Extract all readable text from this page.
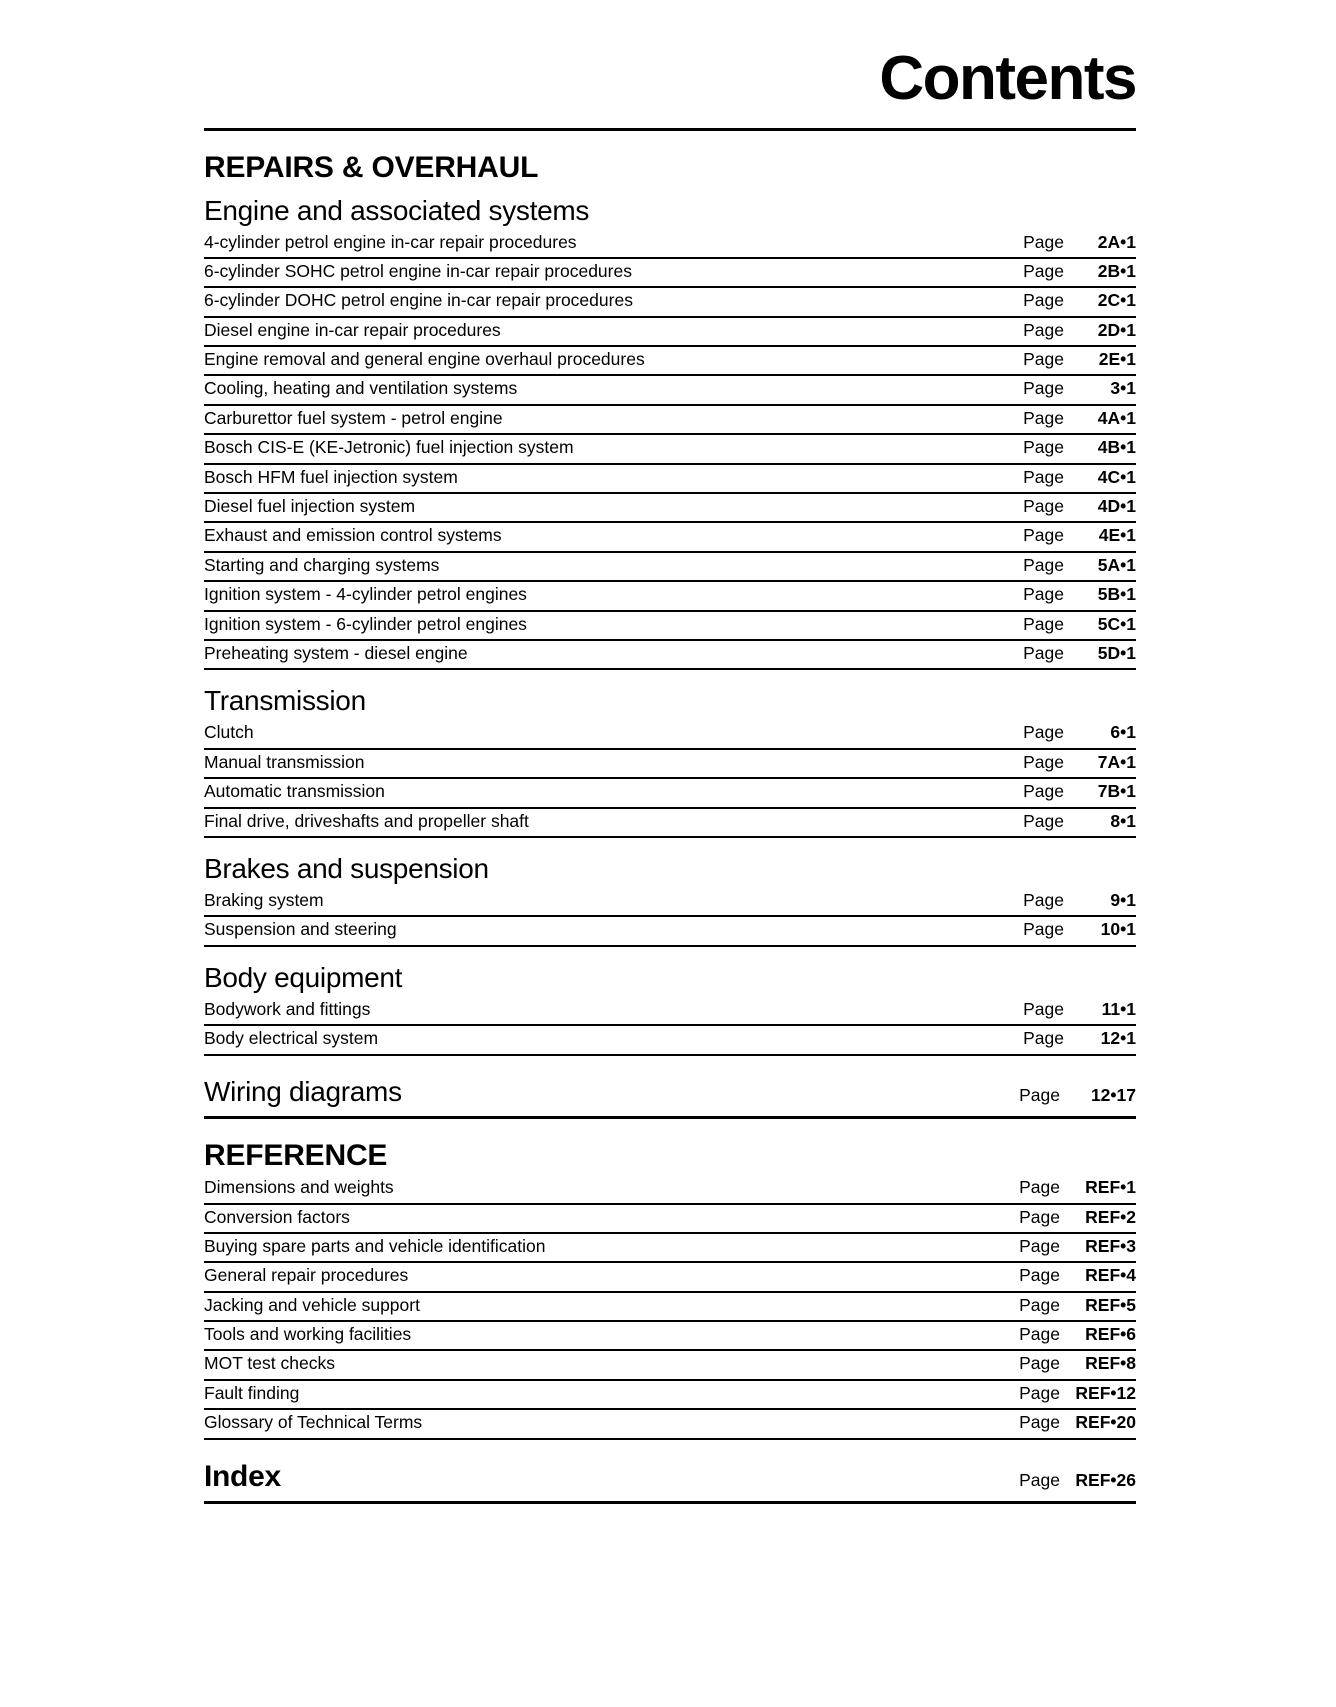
Contents
REPAIRS & OVERHAUL
Engine and associated systems
4-cylinder petrol engine in-car repair procedures	Page	2A•1
6-cylinder SOHC petrol engine in-car repair procedures	Page	2B•1
6-cylinder DOHC petrol engine in-car repair procedures	Page	2C•1
Diesel engine in-car repair procedures	Page	2D•1
Engine removal and general engine overhaul procedures	Page	2E•1
Cooling, heating and ventilation systems	Page	3•1
Carburettor fuel system - petrol engine	Page	4A•1
Bosch CIS-E (KE-Jetronic) fuel injection system	Page	4B•1
Bosch HFM fuel injection system	Page	4C•1
Diesel fuel injection system	Page	4D•1
Exhaust and emission control systems	Page	4E•1
Starting and charging systems	Page	5A•1
Ignition system - 4-cylinder petrol engines	Page	5B•1
Ignition system - 6-cylinder petrol engines	Page	5C•1
Preheating system - diesel engine	Page	5D•1
Transmission
Clutch	Page	6•1
Manual transmission	Page	7A•1
Automatic transmission	Page	7B•1
Final drive, driveshafts and propeller shaft	Page	8•1
Brakes and suspension
Braking system	Page	9•1
Suspension and steering	Page	10•1
Body equipment
Bodywork and fittings	Page	11•1
Body electrical system	Page	12•1
Wiring diagrams	Page	12•17
REFERENCE
Dimensions and weights	Page	REF•1
Conversion factors	Page	REF•2
Buying spare parts and vehicle identification	Page	REF•3
General repair procedures	Page	REF•4
Jacking and vehicle support	Page	REF•5
Tools and working facilities	Page	REF•6
MOT test checks	Page	REF•8
Fault finding	Page REF•12
Glossary of Technical Terms	Page REF•20
Index	Page REF•26
